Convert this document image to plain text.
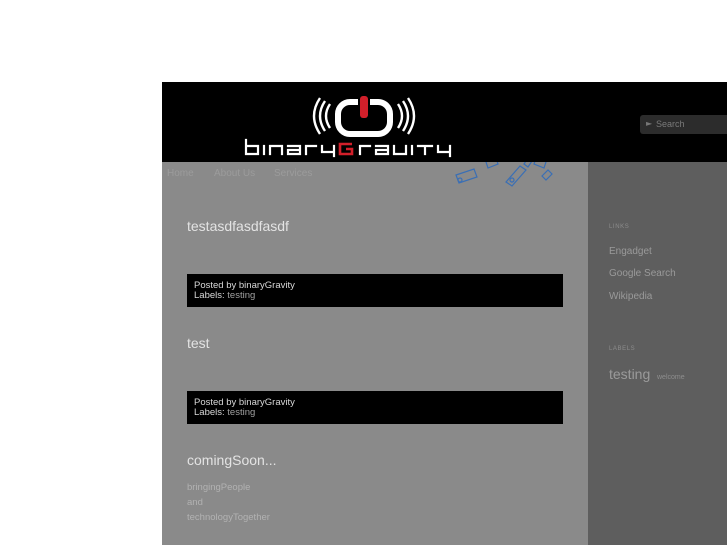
► Search
Home About Us Services
testasdfasdfasdf
Posted by binaryGravity
Labels: testing
test
Posted by binaryGravity
Labels: testing
comingSoon...
bringingPeople
and
technologyTogether
LINKS
Engadget
Google Search
Wikipedia
LABELS
testing welcome
